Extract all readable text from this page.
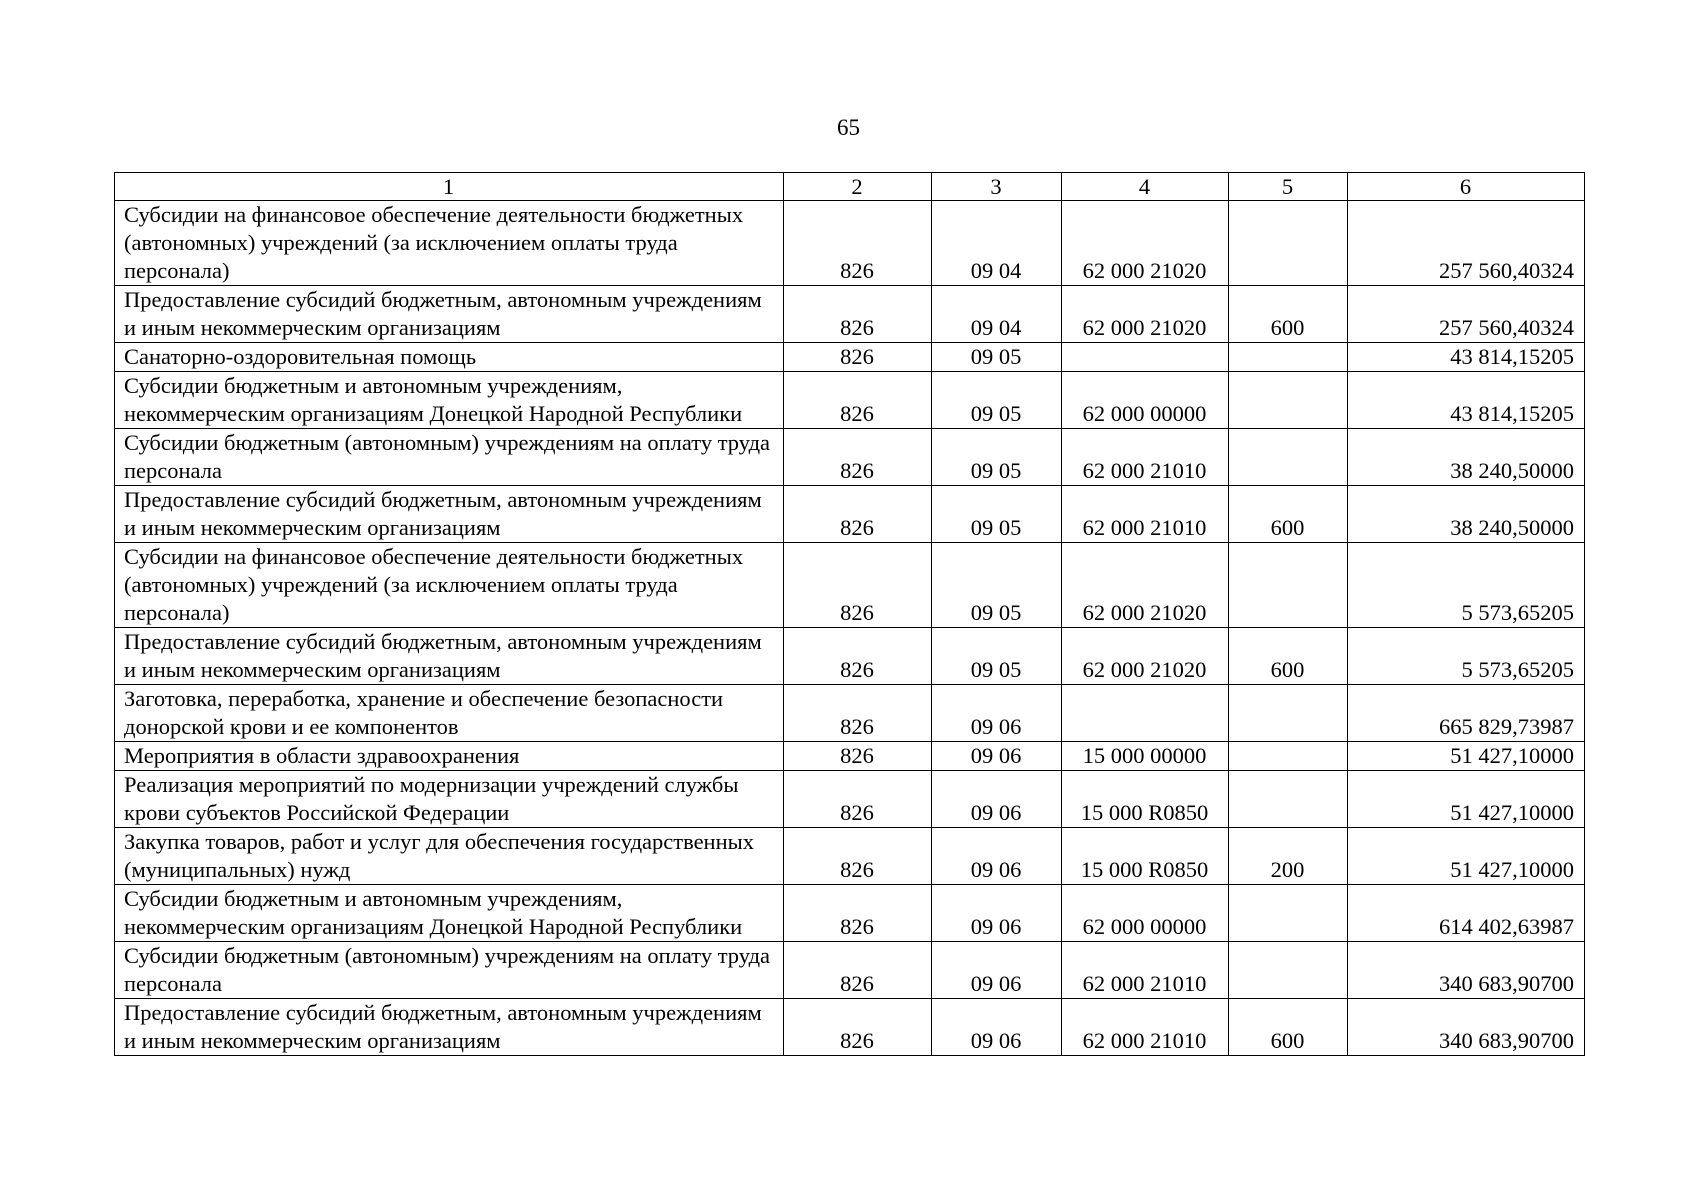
65
1	2	3	4	5	6
Субсидии на финансовое обеспечение деятельности бюджетных (автономных) учреждений (за исключением оплаты труда персонала)	826	09 04	62 000 21020		257 560,40324
Предоставление субсидий бюджетным, автономным учреждениям и иным некоммерческим организациям	826	09 04	62 000 21020	600	257 560,40324
Санаторно-оздоровительная помощь	826	09 05			43 814,15205
Субсидии бюджетным и автономным учреждениям, некоммерческим организациям Донецкой Народной Республики	826	09 05	62 000 00000		43 814,15205
Субсидии бюджетным (автономным) учреждениям на оплату труда персонала	826	09 05	62 000 21010		38 240,50000
Предоставление субсидий бюджетным, автономным учреждениям и иным некоммерческим организациям	826	09 05	62 000 21010	600	38 240,50000
Субсидии на финансовое обеспечение деятельности бюджетных (автономных) учреждений (за исключением оплаты труда персонала)	826	09 05	62 000 21020		5 573,65205
Предоставление субсидий бюджетным, автономным учреждениям и иным некоммерческим организациям	826	09 05	62 000 21020	600	5 573,65205
Заготовка, переработка, хранение и обеспечение безопасности донорской крови и ее компонентов	826	09 06			665 829,73987
Мероприятия в области здравоохранения	826	09 06	15 000 00000		51 427,10000
Реализация мероприятий по модернизации учреждений службы крови субъектов Российской Федерации	826	09 06	15 000 R0850		51 427,10000
Закупка товаров, работ и услуг для обеспечения государственных (муниципальных) нужд	826	09 06	15 000 R0850	200	51 427,10000
Субсидии бюджетным и автономным учреждениям, некоммерческим организациям Донецкой Народной Республики	826	09 06	62 000 00000		614 402,63987
Субсидии бюджетным (автономным) учреждениям на оплату труда персонала	826	09 06	62 000 21010		340 683,90700
Предоставление субсидий бюджетным, автономным учреждениям и иным некоммерческим организациям	826	09 06	62 000 21010	600	340 683,90700
